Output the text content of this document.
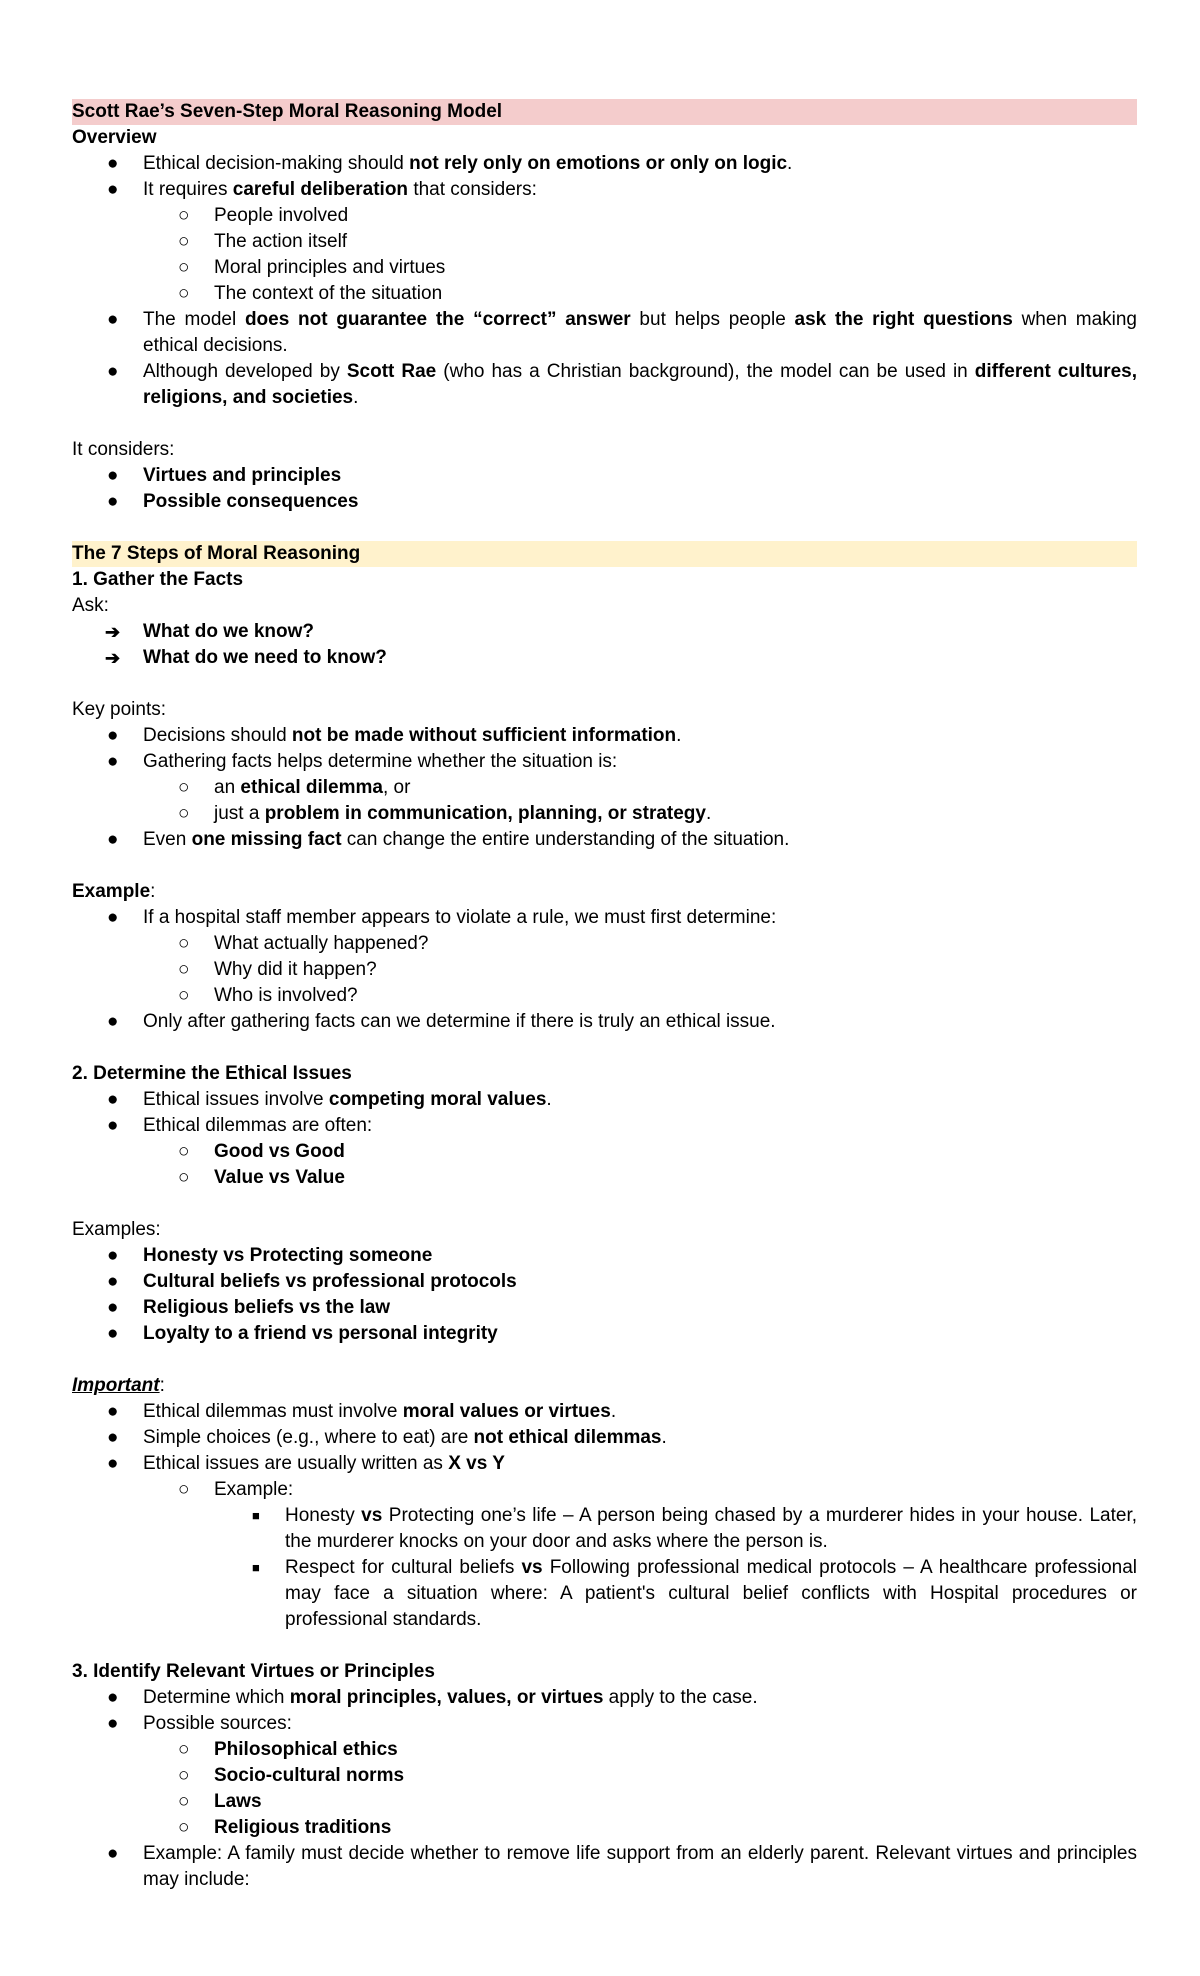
Scott Rae’s Seven-Step Moral Reasoning Model
Overview
● Ethical decision-making should not rely only on emotions or only on logic.
● It requires careful deliberation that considers:
○ People involved
○ The action itself
○ Moral principles and virtues
○ The context of the situation
● The model does not guarantee the “correct” answer but helps people ask the right questions when making ethical decisions.
● Although developed by Scott Rae (who has a Christian background), the model can be used in different cultures, religions, and societies.
It considers:
● Virtues and principles
● Possible consequences
The 7 Steps of Moral Reasoning
1. Gather the Facts
Ask:
➔ What do we know?
➔ What do we need to know?
Key points:
● Decisions should not be made without sufficient information.
● Gathering facts helps determine whether the situation is:
○ an ethical dilemma, or
○ just a problem in communication, planning, or strategy.
● Even one missing fact can change the entire understanding of the situation.
Example:
● If a hospital staff member appears to violate a rule, we must first determine:
○ What actually happened?
○ Why did it happen?
○ Who is involved?
● Only after gathering facts can we determine if there is truly an ethical issue.
2. Determine the Ethical Issues
● Ethical issues involve competing moral values.
● Ethical dilemmas are often:
○ Good vs Good
○ Value vs Value
Examples:
● Honesty vs Protecting someone
● Cultural beliefs vs professional protocols
● Religious beliefs vs the law
● Loyalty to a friend vs personal integrity
Important:
● Ethical dilemmas must involve moral values or virtues.
● Simple choices (e.g., where to eat) are not ethical dilemmas.
● Ethical issues are usually written as X vs Y
○ Example:
■ Honesty vs Protecting one’s life – A person being chased by a murderer hides in your house. Later, the murderer knocks on your door and asks where the person is.
■ Respect for cultural beliefs vs Following professional medical protocols – A healthcare professional may face a situation where: A patient's cultural belief conflicts with Hospital procedures or professional standards.
3. Identify Relevant Virtues or Principles
● Determine which moral principles, values, or virtues apply to the case.
● Possible sources:
○ Philosophical ethics
○ Socio-cultural norms
○ Laws
○ Religious traditions
● Example: A family must decide whether to remove life support from an elderly parent. Relevant virtues and principles may include:
